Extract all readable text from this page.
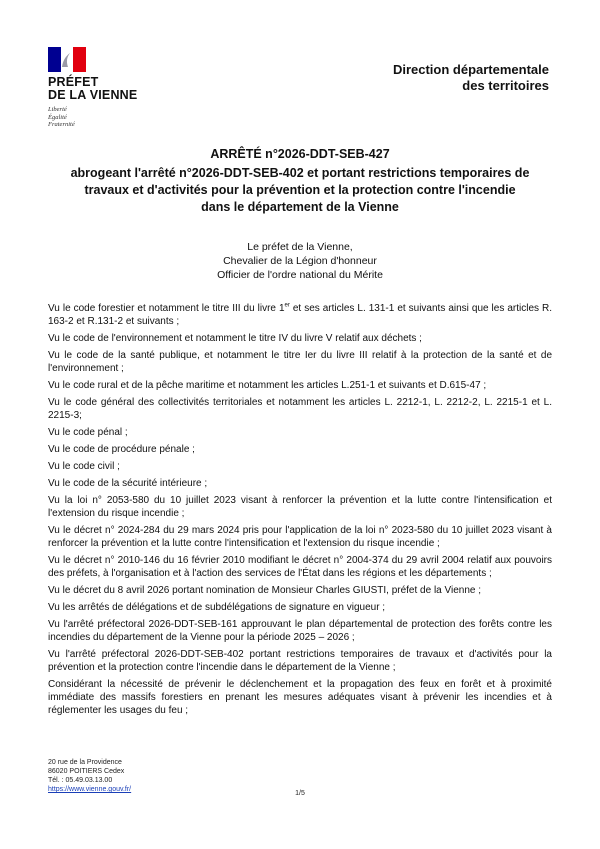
PRÉFET
DE LA VIENNE
Liberté
Égalité
Fraternité
Direction départementale
des territoires
ARRÊTÉ n°2026-DDT-SEB-427
abrogeant l'arrêté n°2026-DDT-SEB-402 et portant restrictions temporaires de travaux et d'activités pour la prévention et la protection contre l'incendie dans le département de la Vienne
Le préfet de la Vienne,
Chevalier de la Légion d'honneur
Officier de l'ordre national du Mérite

Vu le code forestier et notamment le titre III du livre 1er et ses articles L. 131-1 et suivants ainsi que les articles R. 163-2 et R.131-2 et suivants ;

Vu le code de l'environnement et notamment le titre IV du livre V relatif aux déchets ;

Vu le code de la santé publique, et notamment le titre Ier du livre III relatif à la protection de la santé et de l'environnement ;

Vu le code rural et de la pêche maritime et notamment les articles L.251-1 et suivants et D.615-47 ;

Vu le code général des collectivités territoriales et notamment les articles L. 2212-1, L. 2212-2, L. 2215-1 et L. 2215-3;

Vu le code pénal ;

Vu le code de procédure pénale ;

Vu le code civil ;

Vu le code de la sécurité intérieure ;

Vu la loi n° 2053-580 du 10 juillet 2023 visant à renforcer la prévention et la lutte contre l'intensification et l'extension du risque incendie ;

Vu le décret n° 2024-284 du 29 mars 2024 pris pour l'application de la loi n° 2023-580 du 10 juillet 2023 visant à renforcer la prévention et la lutte contre l'intensification et l'extension du risque incendie ;

Vu le décret n° 2010-146 du 16 février 2010 modifiant le décret n° 2004-374 du 29 avril 2004 relatif aux pouvoirs des préfets, à l'organisation et à l'action des services de l'État dans les régions et les départements ;

Vu le décret du 8 avril 2026 portant nomination de Monsieur Charles GIUSTI, préfet de la Vienne ;

Vu les arrêtés de délégations et de subdélégations de signature en vigueur ;

Vu l'arrêté préfectoral 2026-DDT-SEB-161 approuvant le plan départemental de protection des forêts contre les incendies du département de la Vienne pour la période 2025 – 2026 ;

Vu l'arrêté préfectoral 2026-DDT-SEB-402 portant restrictions temporaires de travaux et d'activités pour la prévention et la protection contre l'incendie dans le département de la Vienne ;

Considérant la nécessité de prévenir le déclenchement et la propagation des feux en forêt et à proximité immédiate des massifs forestiers en prenant les mesures adéquates visant à prévenir les incendies et à réglementer les usages du feu ;

20 rue de la Providence
86020 POITIERS Cedex
Tél. : 05.49.03.13.00
https://www.vienne.gouv.fr/
1/5
